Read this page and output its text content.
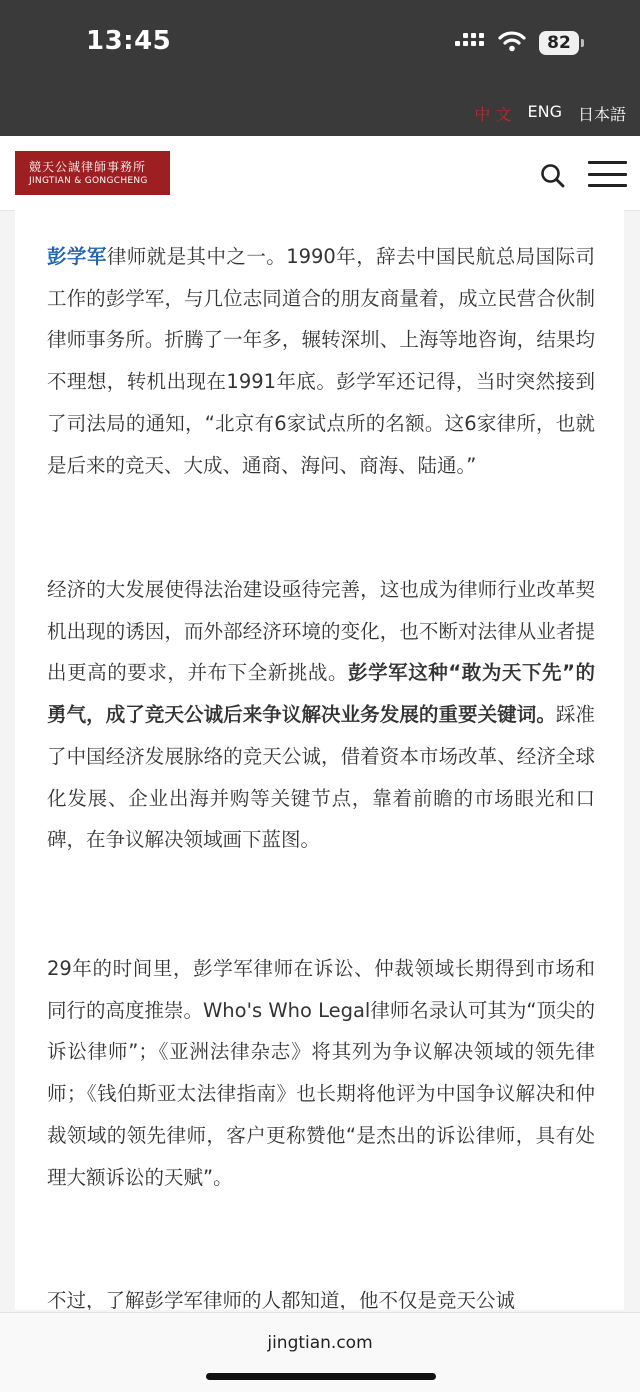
13:45	82
中 文 ENG 日本語
競天公誠律師事務所
JINGTIAN & GONGCHENG

彭学军律师就是其中之一。1990年，辞去中国民航总局国际司工作的彭学军，与几位志同道合的朋友商量着，成立民营合伙制律师事务所。折腾了一年多，辗转深圳、上海等地咨询，结果均不理想，转机出现在1991年底。彭学军还记得，当时突然接到了司法局的通知，“北京有6家试点所的名额。这6家律所，也就是后来的竞天、大成、通商、海问、商海、陆通。”

经济的大发展使得法治建设亟待完善，这也成为律师行业改革契机出现的诱因，而外部经济环境的变化，也不断对法律从业者提出更高的要求，并布下全新挑战。彭学军这种“敢为天下先”的勇气，成了竞天公诚后来争议解决业务发展的重要关键词。踩准了中国经济发展脉络的竞天公诚，借着资本市场改革、经济全球化发展、企业出海并购等关键节点，靠着前瞻的市场眼光和口碑，在争议解决领域画下蓝图。

29年的时间里，彭学军律师在诉讼、仲裁领域长期得到市场和同行的高度推崇。Who's Who Legal律师名录认可其为“顶尖的诉讼律师”；《亚洲法律杂志》将其列为争议解决领域的领先律师；《钱伯斯亚太法律指南》也长期将他评为中国争议解决和仲裁领域的领先律师，客户更称赞他“是杰出的诉讼律师，具有处理大额诉讼的天赋”。

不过，了解彭学军律师的人都知道，他不仅是竞天公诚

jingtian.com
